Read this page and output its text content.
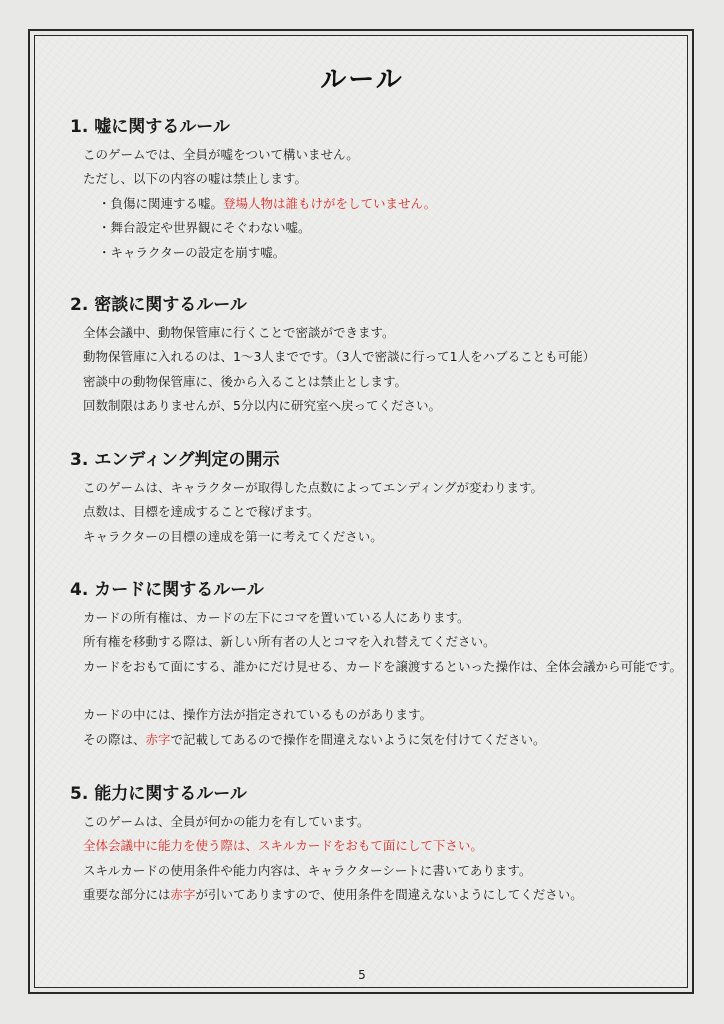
ルール
1. 嘘に関するルール
このゲームでは、全員が嘘をついて構いません。
ただし、以下の内容の嘘は禁止します。
・負傷に関連する嘘。登場人物は誰もけがをしていません。
・舞台設定や世界観にそぐわない嘘。
・キャラクターの設定を崩す嘘。
2. 密談に関するルール
全体会議中、動物保管庫に行くことで密談ができます。
動物保管庫に入れるのは、1～3人までです。（3人で密談に行って1人をハブることも可能）
密談中の動物保管庫に、後から入ることは禁止とします。
回数制限はありませんが、5分以内に研究室へ戻ってください。
3. エンディング判定の開示
このゲームは、キャラクターが取得した点数によってエンディングが変わります。
点数は、目標を達成することで稼げます。
キャラクターの目標の達成を第一に考えてください。
4. カードに関するルール
カードの所有権は、カードの左下にコマを置いている人にあります。
所有権を移動する際は、新しい所有者の人とコマを入れ替えてください。
カードをおもて面にする、誰かにだけ見せる、カードを譲渡するといった操作は、全体会議から可能です。
カードの中には、操作方法が指定されているものがあります。
その際は、赤字で記載してあるので操作を間違えないように気を付けてください。
5. 能力に関するルール
このゲームは、全員が何かの能力を有しています。
全体会議中に能力を使う際は、スキルカードをおもて面にして下さい。
スキルカードの使用条件や能力内容は、キャラクターシートに書いてあります。
重要な部分には赤字が引いてありますので、使用条件を間違えないようにしてください。
5
